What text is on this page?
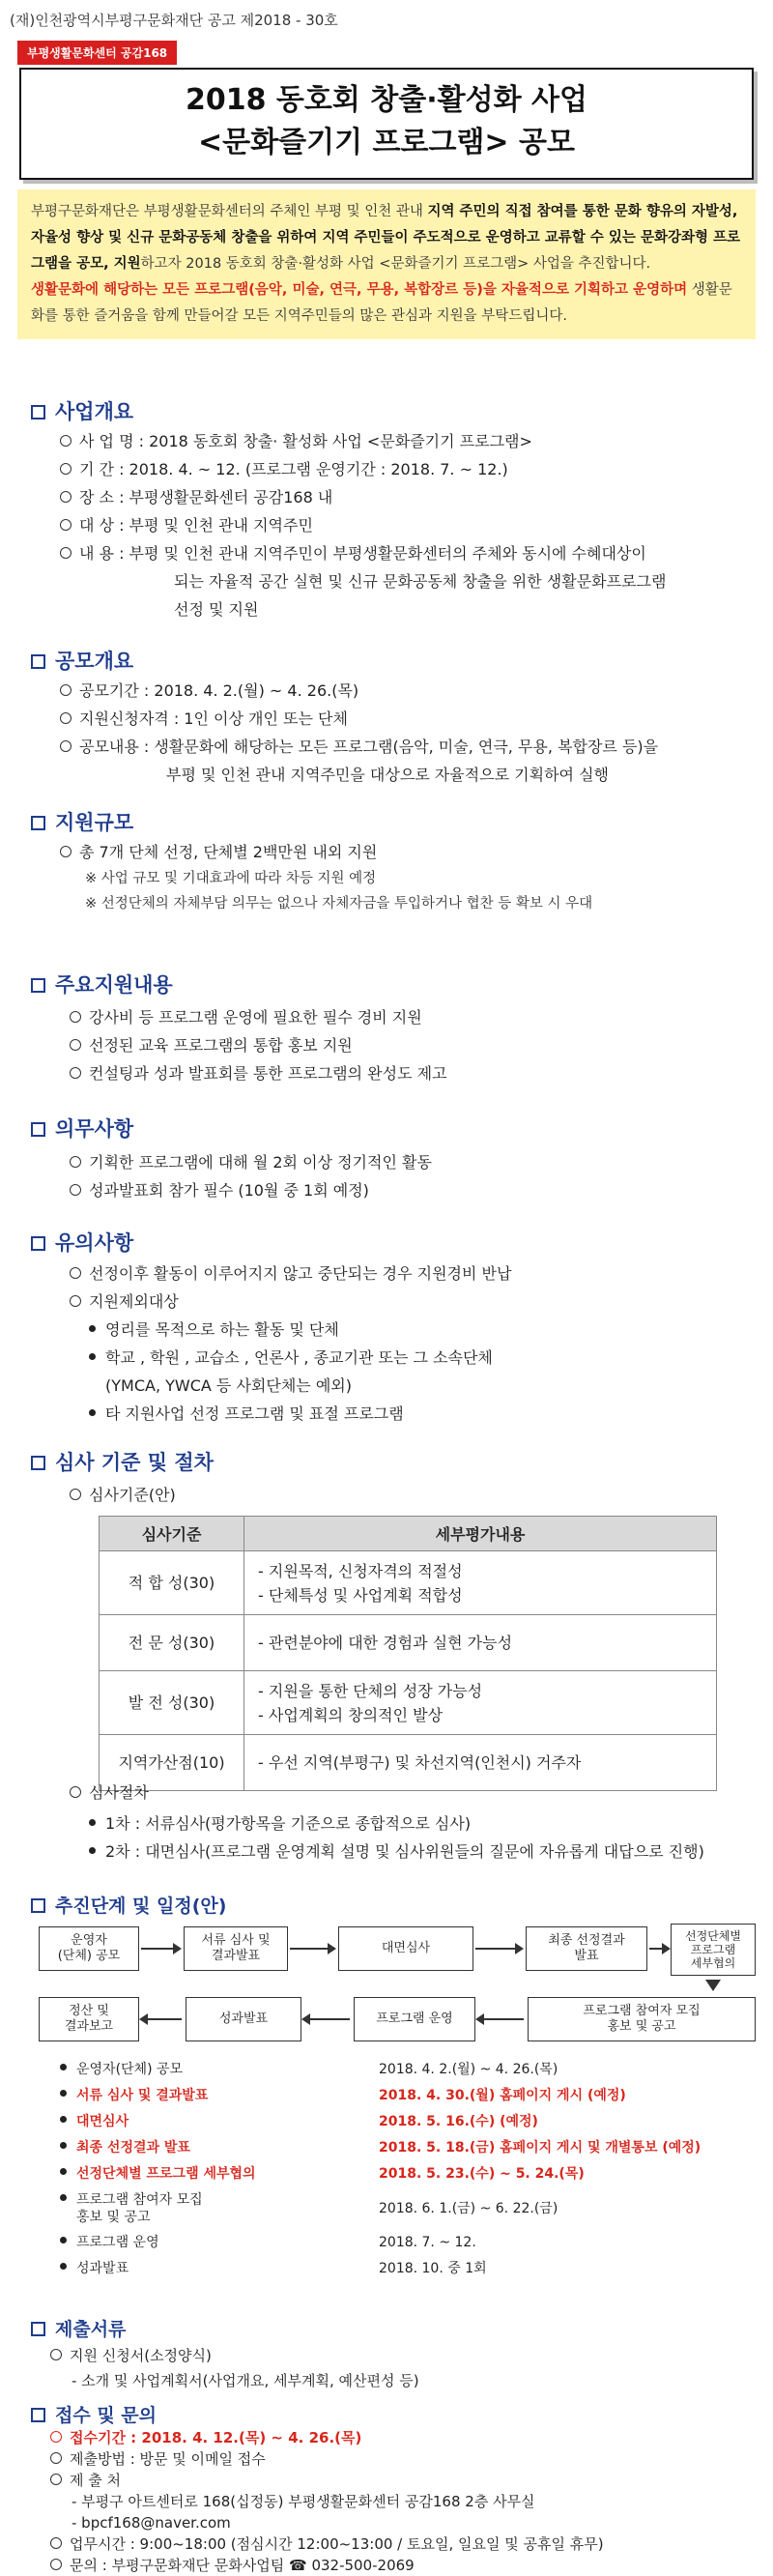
(재)인천광역시부평구문화재단 공고 제2018 - 30호
부평생활문화센터 공감168
2018 동호회 창출·활성화 사업
<문화즐기기 프로그램> 공모
부평구문화재단은 부평생활문화센터의 주체인 부평 및 인천 관내 지역 주민의 직접 참여를 통한 문화 향유의 자발성, 자율성 향상 및 신규 문화공동체 창출을 위하여 지역 주민들이 주도적으로 운영하고 교류할 수 있는 문화강좌형 프로그램을 공모, 지원하고자 2018 동호회 창출·활성화 사업 <문화즐기기 프로그램> 사업을 추진합니다.
생활문화에 해당하는 모든 프로그램(음악, 미술, 연극, 무용, 복합장르 등)을 자율적으로 기획하고 운영하며 생활문화를 통한 즐거움을 함께 만들어갈 모든 지역주민들의 많은 관심과 지원을 부탁드립니다.
사업개요
사 업 명 : 2018 동호회 창출· 활성화 사업 <문화즐기기 프로그램>
기 간 : 2018. 4. ~ 12. (프로그램 운영기간 : 2018. 7. ~ 12.)
장 소 : 부평생활문화센터 공감168 내
대 상 : 부평 및 인천 관내 지역주민
내 용 : 부평 및 인천 관내 지역주민이 부평생활문화센터의 주체와 동시에 수혜대상이
되는 자율적 공간 실현 및 신규 문화공동체 창출을 위한 생활문화프로그램
선정 및 지원
공모개요
공모기간 : 2018. 4. 2.(월) ~ 4. 26.(목)
지원신청자격 : 1인 이상 개인 또는 단체
공모내용 : 생활문화에 해당하는 모든 프로그램(음악, 미술, 연극, 무용, 복합장르 등)을
부평 및 인천 관내 지역주민을 대상으로 자율적으로 기획하여 실행
지원규모
총 7개 단체 선정, 단체별 2백만원 내외 지원
※ 사업 규모 및 기대효과에 따라 차등 지원 예정
※ 선정단체의 자체부담 의무는 없으나 자체자금을 투입하거나 협찬 등 확보 시 우대
주요지원내용
강사비 등 프로그램 운영에 필요한 필수 경비 지원
선정된 교육 프로그램의 통합 홍보 지원
컨설팅과 성과 발표회를 통한 프로그램의 완성도 제고
의무사항
기획한 프로그램에 대해 월 2회 이상 정기적인 활동
성과발표회 참가 필수 (10월 중 1회 예정)
유의사항
선정이후 활동이 이루어지지 않고 중단되는 경우 지원경비 반납
지원제외대상
영리를 목적으로 하는 활동 및 단체
학교 , 학원 , 교습소 , 언론사 , 종교기관 또는 그 소속단체
(YMCA, YWCA 등 사회단체는 예외)
타 지원사업 선정 프로그램 및 표절 프로그램
심사 기준 및 절차
심사기준(안)
심사기준	세부평가내용
적 합 성(30)	- 지원목적, 신청자격의 적절성
- 단체특성 및 사업계획 적합성

전 문 성(30)	- 관련분야에 대한 경험과 실현 가능성

발 전 성(30)	- 지원을 통한 단체의 성장 가능성
- 사업계획의 창의적인 발상

지역가산점(10)	- 우선 지역(부평구) 및 차선지역(인천시) 거주자
심사절차
1차 : 서류심사(평가항목을 기준으로 종합적으로 심사)
2차 : 대면심사(프로그램 운영계획 설명 및 심사위원들의 질문에 자유롭게 대답으로 진행)
추진단계 및 일정(안)
운영자
(단체) 공모
서류 심사 및
결과발표
대면심사
최종 선정결과
발표
선정단체별
프로그램
세부협의
정산 및
결과보고
성과발표	프로그램 운영
프로그램 참여자 모집
홍보 및 공고
운영자(단체) 공모	2018. 4. 2.(월) ~ 4. 26.(목)
서류 심사 및 결과발표	2018. 4. 30.(월) 홈페이지 게시 (예정)
대면심사	2018. 5. 16.(수) (예정)
최종 선정결과 발표	2018. 5. 18.(금) 홈페이지 게시 및 개별통보 (예정)
선정단체별 프로그램 세부협의	2018. 5. 23.(수) ~ 5. 24.(목)
프로그램 참여자 모집
홍보 및 공고
2018. 6. 1.(금) ~ 6. 22.(금)
프로그램 운영	2018. 7. ~ 12.
성과발표	2018. 10. 중 1회
제출서류
지원 신청서(소정양식)
- 소개 및 사업계획서(사업개요, 세부계획, 예산편성 등)
접수 및 문의
접수기간 : 2018. 4. 12.(목) ~ 4. 26.(목)
제출방법 : 방문 및 이메일 접수
제 출 처
- 부평구 아트센터로 168(십정동) 부평생활문화센터 공감168 2층 사무실
- bpcf168@naver.com
업무시간 : 9:00~18:00 (점심시간 12:00~13:00 / 토요일, 일요일 및 공휴일 휴무)
문의 : 부평구문화재단 문화사업팀 ☎ 032-500-2069
